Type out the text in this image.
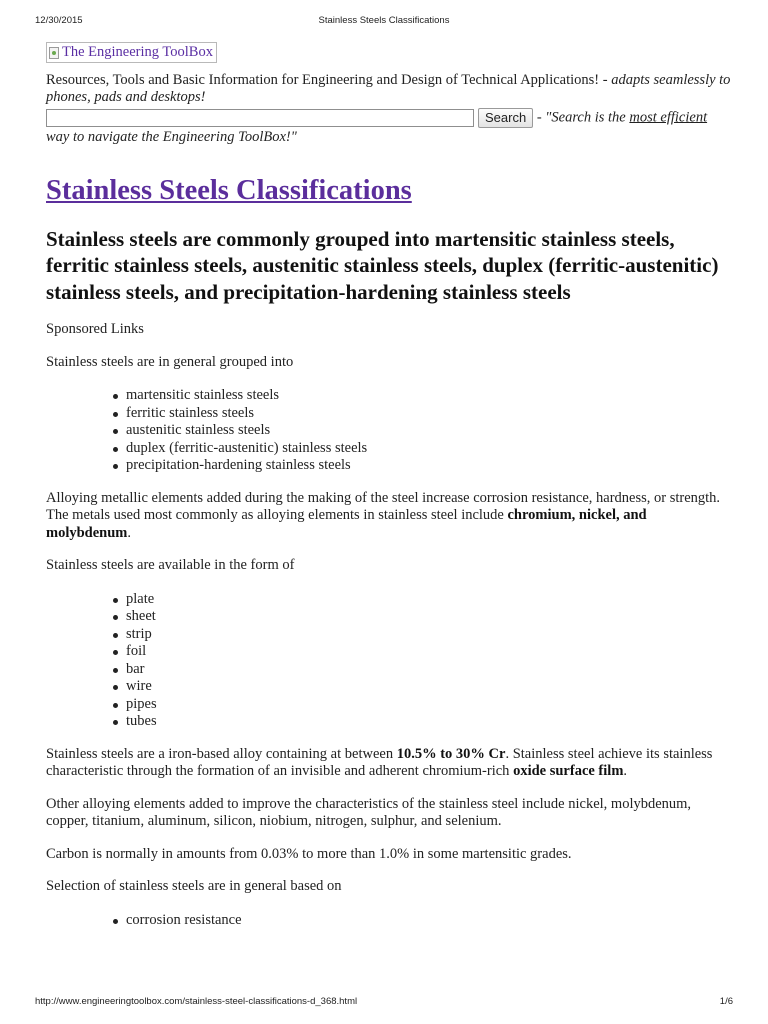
12/30/2015	Stainless Steels Classifications
The Engineering ToolBox
Resources, Tools and Basic Information for Engineering and Design of Technical Applications! - adapts seamlessly to phones, pads and desktops!
Search - "Search is the most efficient way to navigate the Engineering ToolBox!"
Stainless Steels Classifications
Stainless steels are commonly grouped into martensitic stainless steels, ferritic stainless steels, austenitic stainless steels, duplex (ferritic-austenitic) stainless steels, and precipitation-hardening stainless steels

Sponsored Links

Stainless steels are in general grouped into

martensitic stainless steels
ferritic stainless steels
austenitic stainless steels
duplex (ferritic-austenitic) stainless steels
precipitation-hardening stainless steels

Alloying metallic elements added during the making of the steel increase corrosion resistance, hardness, or strength. The metals used most commonly as alloying elements in stainless steel include chromium, nickel, and molybdenum.

Stainless steels are available in the form of

plate
sheet
strip
foil
bar
wire
pipes
tubes

Stainless steels are a iron-based alloy containing at between 10.5% to 30% Cr. Stainless steel achieve its stainless characteristic through the formation of an invisible and adherent chromium-rich oxide surface film.

Other alloying elements added to improve the characteristics of the stainless steel include nickel, molybdenum, copper, titanium, aluminum, silicon, niobium, nitrogen, sulphur, and selenium.

Carbon is normally in amounts from 0.03% to more than 1.0% in some martensitic grades.

Selection of stainless steels are in general based on

corrosion resistance
http://www.engineeringtoolbox.com/stainless-steel-classifications-d_368.html	1/6
